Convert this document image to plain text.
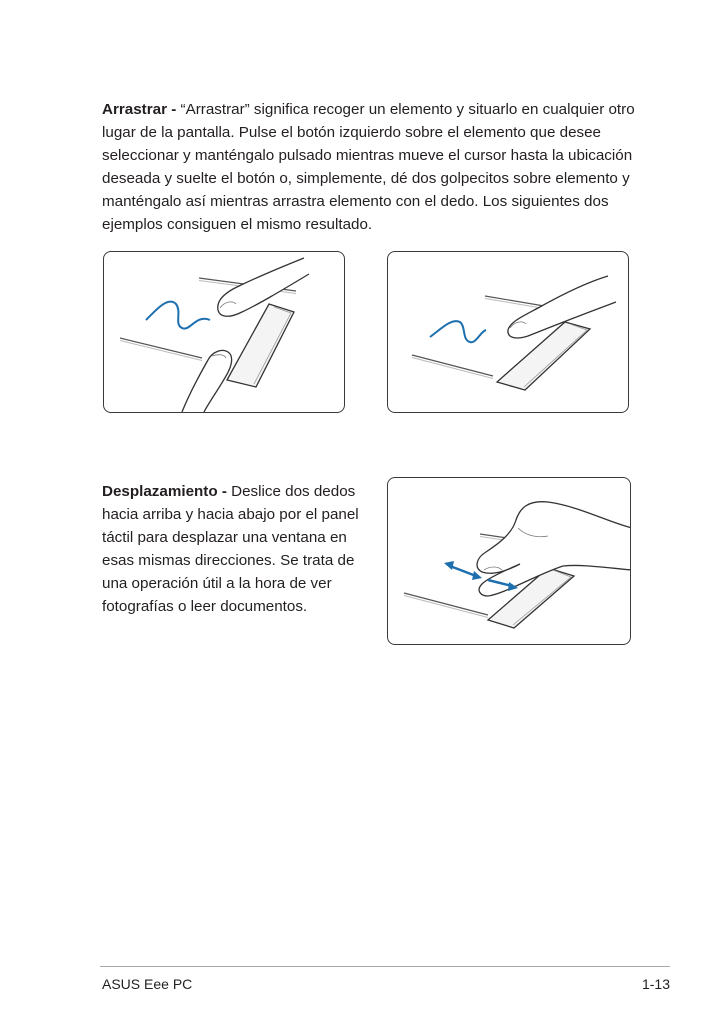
Arrastrar - “Arrastrar” significa recoger un elemento y situarlo en cualquier otro lugar de la pantalla. Pulse el botón izquierdo sobre el elemento que desee seleccionar y manténgalo pulsado mientras mueve el cursor hasta la ubicación deseada y suelte el botón o, simplemente, dé dos golpecitos sobre elemento y manténgalo así mientras arrastra elemento con el dedo. Los siguientes dos ejemplos consiguen el mismo resultado.

Desplazamiento - Deslice dos dedos hacia arriba y hacia abajo por el panel táctil para desplazar una ventana en esas mismas direcciones. Se trata de una operación útil a la hora de ver fotografías o leer documentos.

ASUS Eee PC	1-13
